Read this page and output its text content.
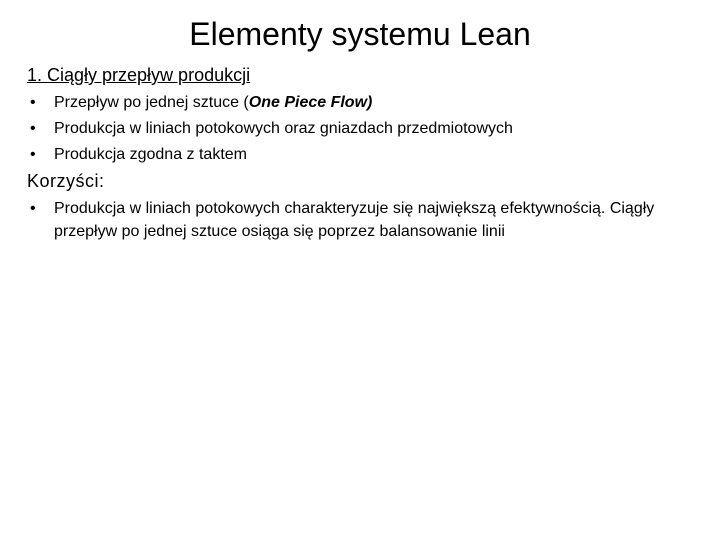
Elementy systemu Lean
1. Ciągły przepływ produkcji
• Przepływ po jednej sztuce (One Piece Flow)
• Produkcja w liniach potokowych oraz gniazdach przedmiotowych
• Produkcja zgodna z taktem
Korzyści:
• Produkcja w liniach potokowych charakteryzuje się największą efektywnością. Ciągły przepływ po jednej sztuce osiąga się poprzez balansowanie linii
